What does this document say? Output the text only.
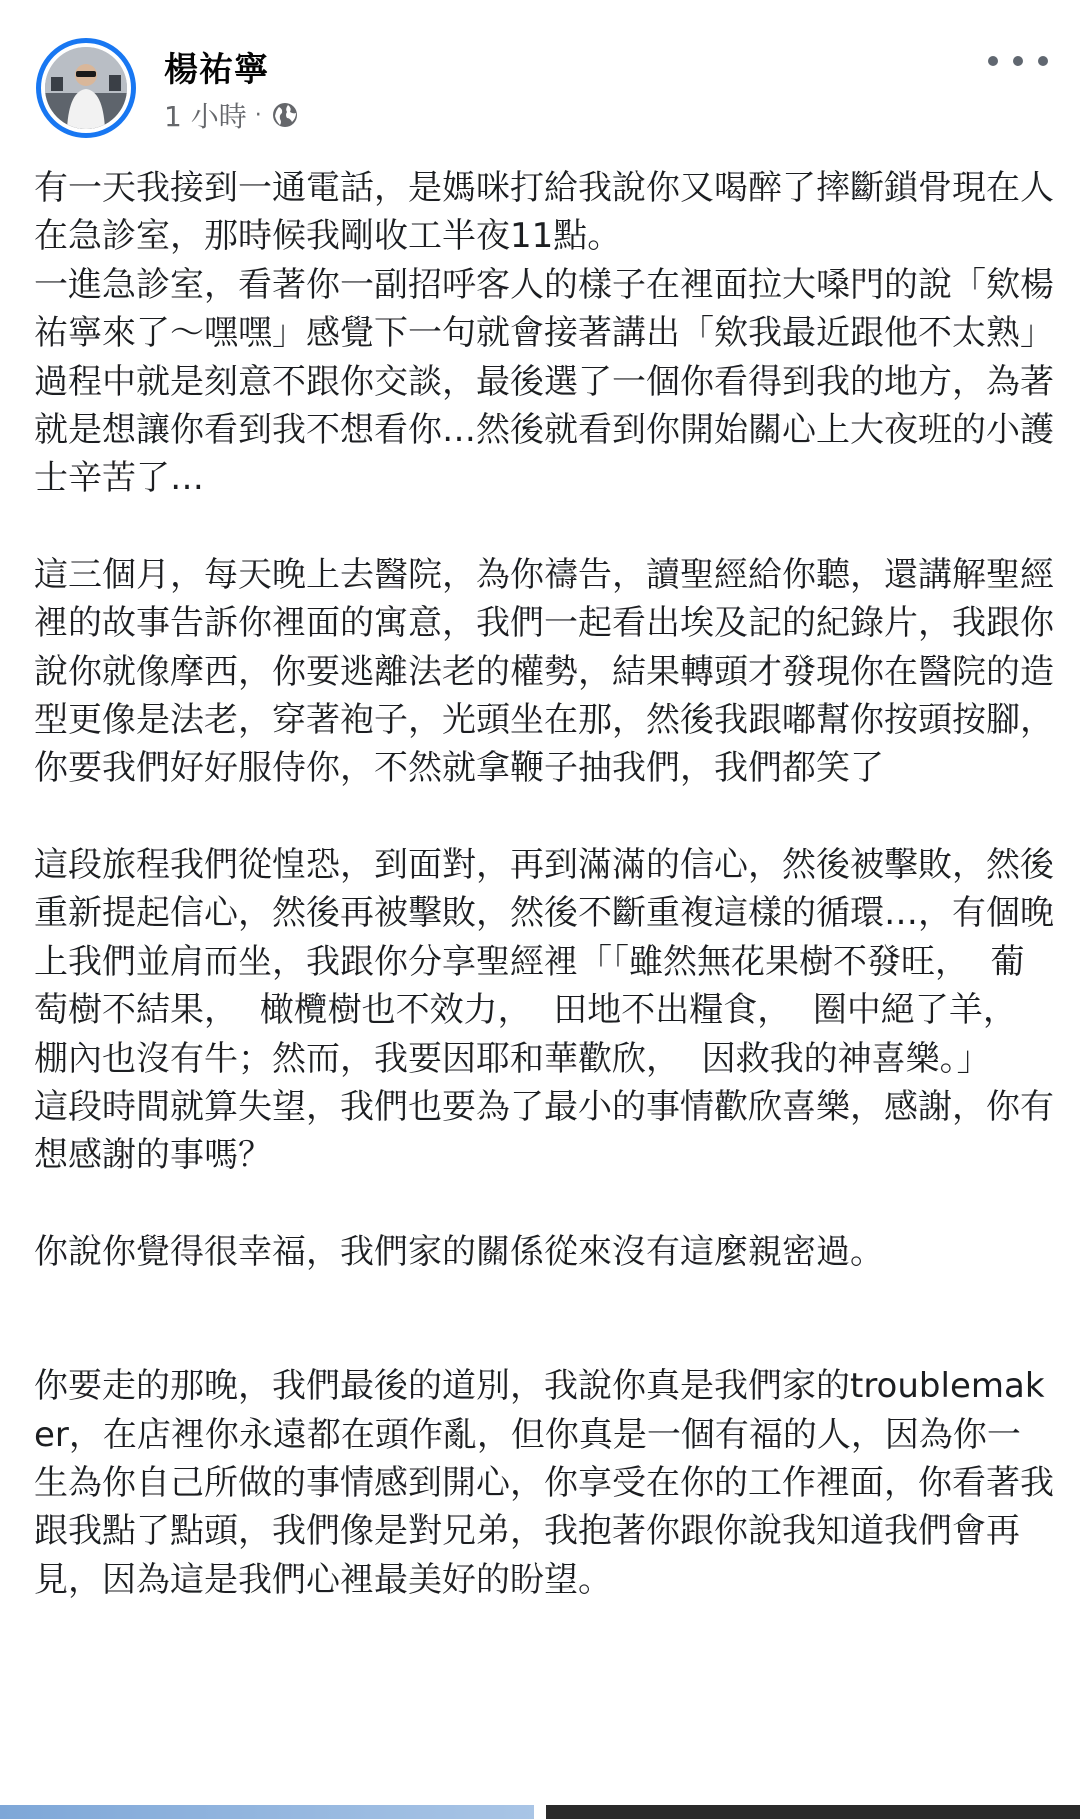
楊祐寧
1 小時 ·

有一天我接到一通電話，是媽咪打給我說你又喝醉了摔斷鎖骨現在人在急診室，那時候我剛收工半夜11點。
一進急診室，看著你一副招呼客人的樣子在裡面拉大嗓門的說「欸楊祐寧來了～嘿嘿」感覺下一句就會接著講出「欸我最近跟他不太熟」
過程中就是刻意不跟你交談，最後選了一個你看得到我的地方，為著就是想讓你看到我不想看你…然後就看到你開始關心上大夜班的小護士辛苦了…

這三個月，每天晚上去醫院，為你禱告，讀聖經給你聽，還講解聖經裡的故事告訴你裡面的寓意，我們一起看出埃及記的紀錄片，我跟你說你就像摩西，你要逃離法老的權勢，結果轉頭才發現你在醫院的造型更像是法老，穿著袍子，光頭坐在那，然後我跟嘟幫你按頭按腳，你要我們好好服侍你，不然就拿鞭子抽我們，我們都笑了

這段旅程我們從惶恐，到面對，再到滿滿的信心，然後被擊敗，然後重新提起信心，然後再被擊敗，然後不斷重複這樣的循環…，有個晚上我們並肩而坐，我跟你分享聖經裡「「雖然無花果樹不發旺，  葡萄樹不結果，  橄欖樹也不效力，  田地不出糧食，  圈中絕了羊，  棚內也沒有牛；然而，我要因耶和華歡欣，  因救我的神喜樂。」
這段時間就算失望，我們也要為了最小的事情歡欣喜樂，感謝，你有想感謝的事嗎？

你說你覺得很幸福，我們家的關係從來沒有這麼親密過。

你要走的那晚，我們最後的道別，我說你真是我們家的troublemaker，在店裡你永遠都在頭作亂，但你真是一個有福的人，因為你一生為你自己所做的事情感到開心，你享受在你的工作裡面，你看著我跟我點了點頭，我們像是對兄弟，我抱著你跟你說我知道我們會再見，因為這是我們心裡最美好的盼望。
